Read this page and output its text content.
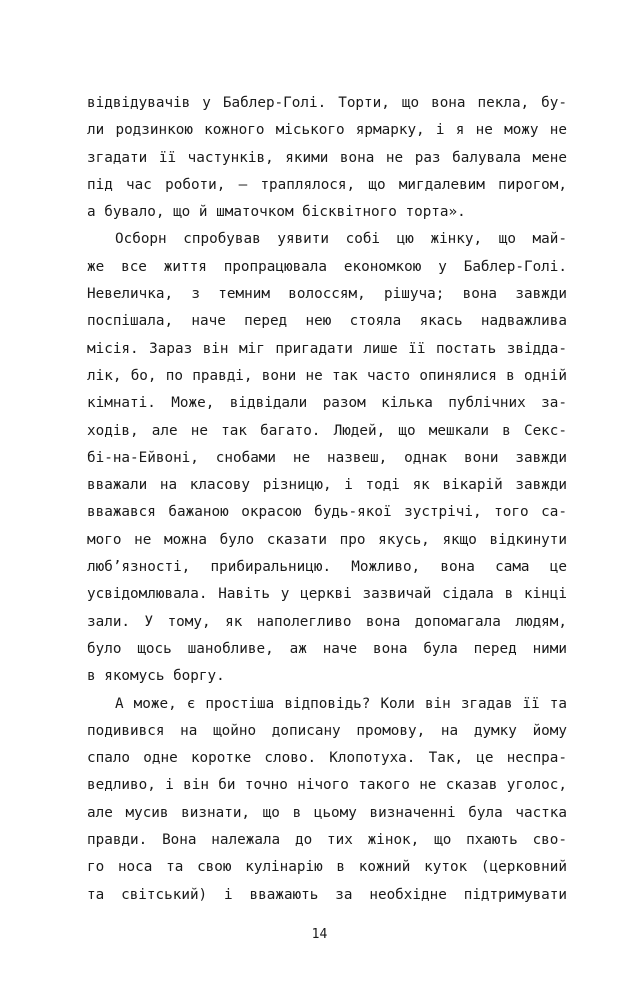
відвідувачів у Баблер-Голі. Торти, що вона пекла, бу-
ли родзинкою кожного міського ярмарку, і я не можу не
згадати її частунків, якими вона не раз балувала мене
під час роботи, — траплялося, що мигдалевим пирогом,
а бувало, що й шматочком бісквітного торта».
Осборн спробував уявити собі цю жінку, що май-
же все життя пропрацювала економкою у Баблер-Голі.
Невеличка, з темним волоссям, рішуча; вона завжди
поспішала, наче перед нею стояла якась надважлива
місія. Зараз він міг пригадати лише її постать звідда-
лік, бо, по правді, вони не так часто опинялися в одній
кімнаті. Може, відвідали разом кілька публічних за-
ходів, але не так багато. Людей, що мешкали в Секс-
бі-на-Ейвоні, снобами не назвеш, однак вони завжди
вважали на класову різницю, і тоді як вікарій завжди
вважався бажаною окрасою будь-якої зустрічі, того са-
мого не можна було сказати про якусь, якщо відкинути
люб’язності, прибиральницю. Можливо, вона сама це
усвідомлювала. Навіть у церкві зазвичай сідала в кінці
зали. У тому, як наполегливо вона допомагала людям,
було щось шанобливе, аж наче вона була перед ними
в якомусь боргу.
А може, є простіша відповідь? Коли він згадав її та
подивився на щойно дописану промову, на думку йому
спало одне коротке слово. Клопотуха. Так, це неспра-
ведливо, і він би точно нічого такого не сказав уголос,
але мусив визнати, що в цьому визначенні була частка
правди. Вона належала до тих жінок, що пхають сво-
го носа та свою кулінарію в кожний куток (церковний
та світський) і вважають за необхідне підтримувати
14
